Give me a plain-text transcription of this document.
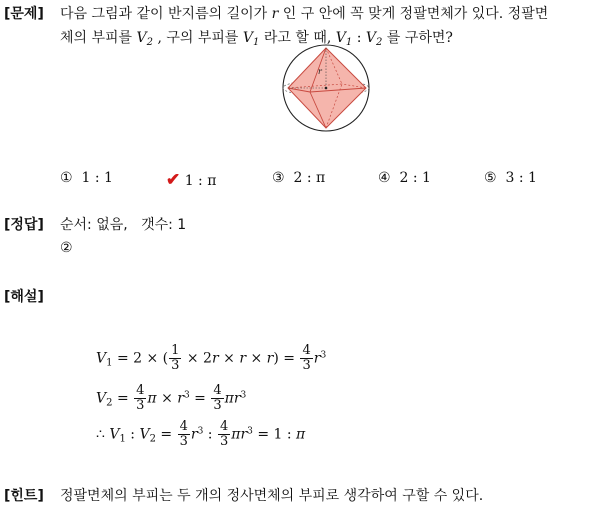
[문제] 다음 그림과 같이 반지름의 길이가 r 인 구 안에 꼭 맞게 정팔면체가 있다. 정팔면
체의 부피를 $V_2$ , 구의 부피를 $V_1$ 라고 할 때, $V_1$ : $V_2$ 를 구하면?
r
① 1 : 1	✔ 1 : π	③ 2 : π	④ 2 : 1	⑤ 3 : 1
[정답] 순서: 없음, 갯수: 1
②
[해설]
$V_1 = 2$ × ( $\frac{1}{3} \times 2r \times r \times r) = \frac{4}{3} r^3$
$V_2 = \frac{4}{3}$ $\pi \times r^3 = \frac{4}{3} \pi r^3$
∴ $V_1$ : $V_2 = \frac{4}{3} r^3$ : $\frac{4}{3} \pi r^3 = 1$ : π
[힌트] 정팔면체의 부피는 두 개의 정사면체의 부피로 생각하여 구할 수 있다.
